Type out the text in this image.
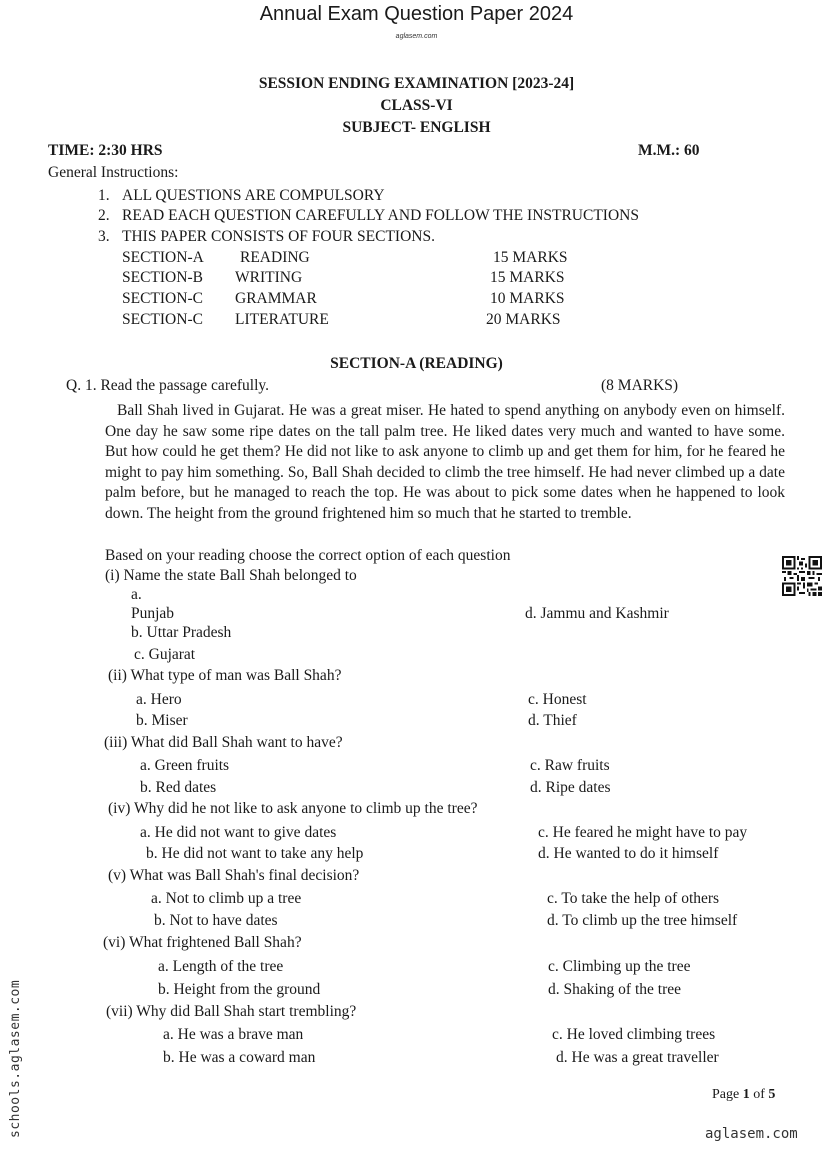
Annual Exam Question Paper 2024
aglasem.com
SESSION ENDING EXAMINATION [2023-24]
CLASS-VI
SUBJECT- ENGLISH
TIME: 2:30 HRS	M.M.: 60
General Instructions:
1. ALL QUESTIONS ARE COMPULSORY
2. READ EACH QUESTION CAREFULLY AND FOLLOW THE INSTRUCTIONS
3. THIS PAPER CONSISTS OF FOUR SECTIONS.
SECTION-A READING	15 MARKS
SECTION-B WRITING	15 MARKS
SECTION-C GRAMMAR	10 MARKS
SECTION-C LITERATURE	20 MARKS
SECTION-A (READING)
Q. 1. Read the passage carefully.	(8 MARKS)
Ball Shah lived in Gujarat. He was a great miser. He hated to spend anything on anybody even on himself. One day he saw some ripe dates on the tall palm tree. He liked dates very much and wanted to have some. But how could he get them? He did not like to ask anyone to climb up and get them for him, for he feared he might to pay him something. So, Ball Shah decided to climb the tree himself. He had never climbed up a date palm before, but he managed to reach the top. He was about to pick some dates when he happened to look down. The height from the ground frightened him so much that he started to tremble.
Based on your reading choose the correct option of each question
(i) Name the state Ball Shah belonged to
a.
Punjab	d. Jammu and Kashmir
b. Uttar Pradesh
c. Gujarat
(ii) What type of man was Ball Shah?
a. Hero	c. Honest
b. Miser	d. Thief
(iii) What did Ball Shah want to have?
a. Green fruits	c. Raw fruits
b. Red dates	d. Ripe dates
(iv) Why did he not like to ask anyone to climb up the tree?
a. He did not want to give dates	c. He feared he might have to pay
b. He did not want to take any help	d. He wanted to do it himself
(v) What was Ball Shah's final decision?
a. Not to climb up a tree	c. To take the help of others
b. Not to have dates	d. To climb up the tree himself
(vi) What frightened Ball Shah?
a. Length of the tree	c. Climbing up the tree
b. Height from the ground	d. Shaking of the tree
(vii) Why did Ball Shah start trembling?
a. He was a brave man	c. He loved climbing trees
b. He was a coward man	d. He was a great traveller
Page 1 of 5
aglasem.com
schools.aglasem.com
